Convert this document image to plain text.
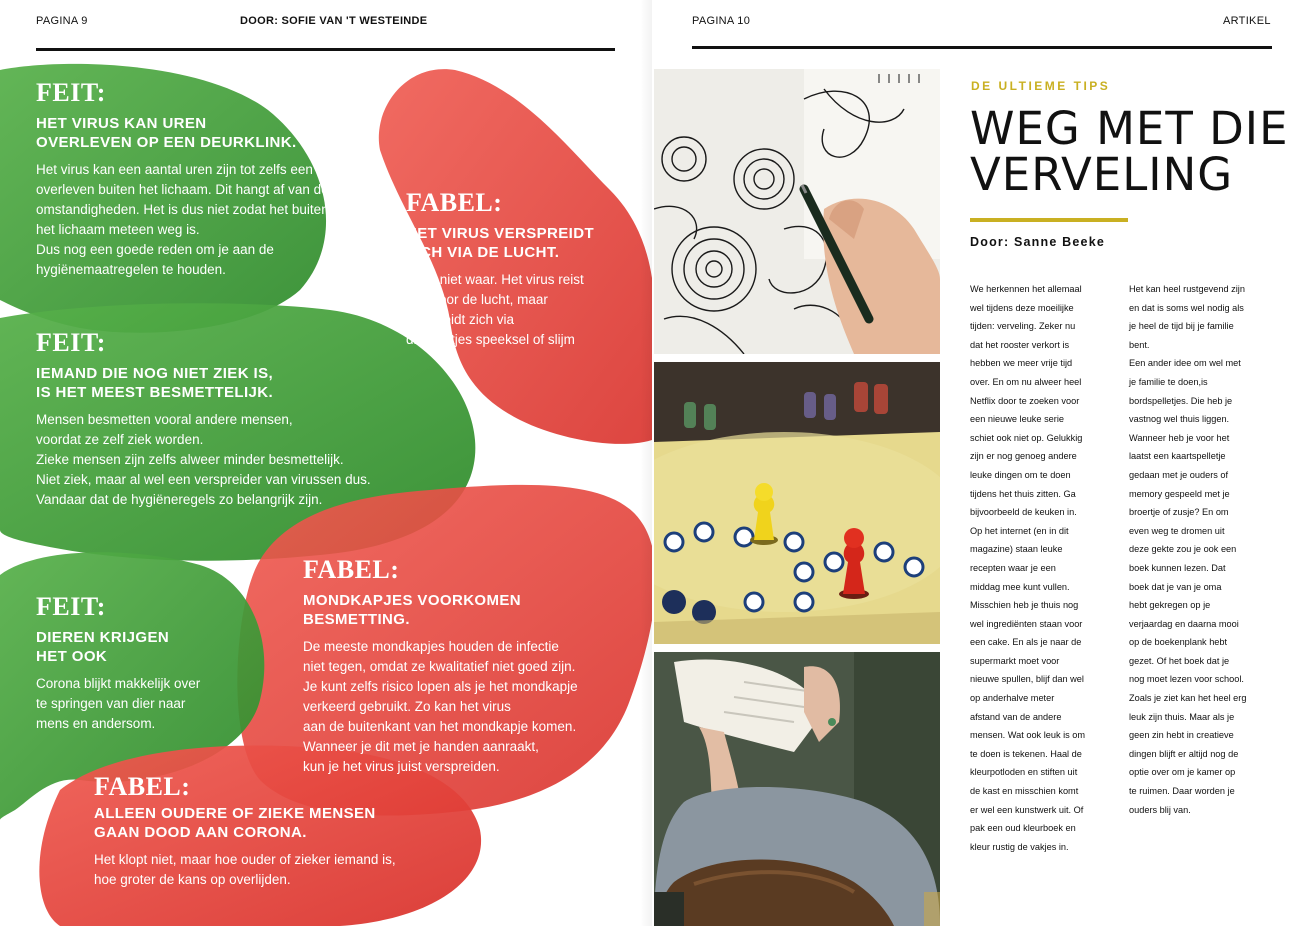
PAGINA 9	DOOR: SOFIE VAN 'T WESTEINDE
FEIT:

HET VIRUS KAN UREN

OVERLEVEN OP EEN DEURKLINK.

Het virus kan een aantal uren zijn tot zelfs een dag

overleven buiten het lichaam. Dit hangt af van de

omstandigheden. Het is dus niet zodat het buiten

het lichaam meteen weg is.

Dus nog een goede reden om je aan de

hygiënemaatregelen te houden.

FABEL:

HET VIRUS VERSPREIDT

ZICH VIA DE LUCHT.

Dit is niet waar. Het virus reist

niet door de lucht, maar

verspreidt zich via

druppeltjes speeksel of slijm

FEIT:

IEMAND DIE NOG NIET ZIEK IS,

IS HET MEEST BESMETTELIJK.

Mensen besmetten vooral andere mensen,

voordat ze zelf ziek worden.

Zieke mensen zijn zelfs alweer minder besmettelijk.

Niet ziek, maar al wel een verspreider van virussen dus.

Vandaar dat de hygiëneregels zo belangrijk zijn.

FABEL:

MONDKAPJES VOORKOMEN

BESMETTING.

De meeste mondkapjes houden de infectie

niet tegen, omdat ze kwalitatief niet goed zijn.

Je kunt zelfs risico lopen als je het mondkapje

verkeerd gebruikt. Zo kan het virus

aan de buitenkant van het mondkapje komen.

Wanneer je dit met je handen aanraakt,

kun je het virus juist verspreiden.

FEIT:

DIEREN KRIJGEN

HET OOK

Corona blijkt makkelijk over

te springen van dier naar

mens en andersom.

FABEL:

ALLEEN OUDERE OF ZIEKE MENSEN

GAAN DOOD AAN CORONA.

Het klopt niet, maar hoe ouder of zieker iemand is,

hoe groter de kans op overlijden.

PAGINA 10	ARTIKEL
DE ULTIEME TIPS
WEG MET DIE
VERVELING
Door: Sanne Beeke

We herkennen het allemaal

wel tijdens deze moeilijke

tijden: verveling. Zeker nu

dat het rooster verkort is

hebben we meer vrije tijd

over. En om nu alweer heel

Netflix door te zoeken voor

een nieuwe leuke serie

schiet ook niet op. Gelukkig

zijn er nog genoeg andere

leuke dingen om te doen

tijdens het thuis zitten. Ga

bijvoorbeeld de keuken in.

Op het internet (en in dit

magazine) staan leuke

recepten waar je een

middag mee kunt vullen.

Misschien heb je thuis nog

wel ingrediënten staan voor

een cake. En als je naar de

supermarkt moet voor

nieuwe spullen, blijf dan wel

op anderhalve meter

afstand van de andere

mensen. Wat ook leuk is om

te doen is tekenen. Haal de

kleurpotloden en stiften uit

de kast en misschien komt

er wel een kunstwerk uit. Of

pak een oud kleurboek en

kleur rustig de vakjes in.

Het kan heel rustgevend zijn

en dat is soms wel nodig als

je heel de tijd bij je familie

bent.

Een ander idee om wel met

je familie te doen,is

bordspelletjes. Die heb je

vastnog wel thuis liggen.

Wanneer heb je voor het

laatst een kaartspelletje

gedaan met je ouders of

memory gespeeld met je

broertje of zusje? En om

even weg te dromen uit

deze gekte zou je ook een

boek kunnen lezen. Dat

boek dat je van je oma

hebt gekregen op je

verjaardag en daarna mooi

op de boekenplank hebt

gezet. Of het boek dat je

nog moet lezen voor school.

Zoals je ziet kan het heel erg

leuk zijn thuis. Maar als je

geen zin hebt in creatieve

dingen blijft er altijd nog de

optie over om je kamer op

te ruimen. Daar worden je

ouders blij van.
